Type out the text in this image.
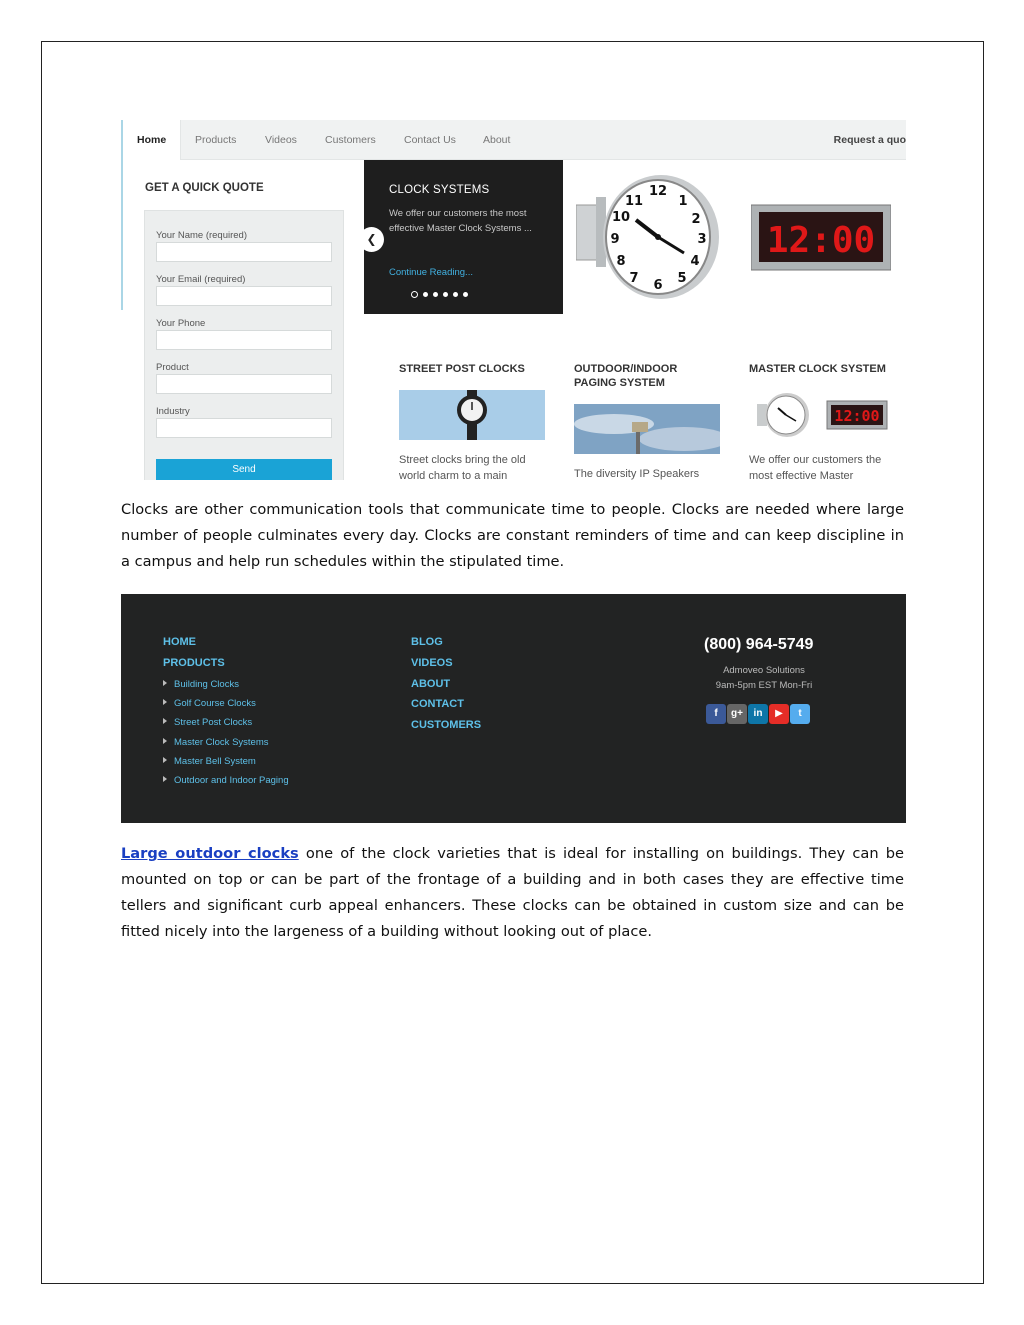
Home	Products	Videos	Customers	Contact Us	About	Request a quo
GET A QUICK QUOTE
Your Name (required)
Your Email (required)
Your Phone
Product
Industry
Send
❮
CLOCK SYSTEMS
We offer our customers the most effective Master Clock Systems ...
Continue Reading...
12
1
2
3
4
5
6
7
8
9
10
11
12:00
STREET POST CLOCKS
Street clocks bring the old world charm to a main
OUTDOOR/INDOOR PAGING SYSTEM
The diversity IP Speakers
MASTER CLOCK SYSTEM
12:00
We offer our customers the most effective Master

Clocks are other communication tools that communicate time to people. Clocks are needed where large number of people culminates every day. Clocks are constant reminders of time and can keep discipline in a campus and help run schedules within the stipulated time.

HOME
PRODUCTS
Building Clocks
Golf Course Clocks
Street Post Clocks
Master Clock Systems
Master Bell System
Outdoor and Indoor Paging
BLOG
VIDEOS
ABOUT
CONTACT
CUSTOMERS
(800) 964-5749
Admoveo Solutions
9am-5pm EST Mon-Fri
f	g+	in	▶	t

Large outdoor clocks one of the clock varieties that is ideal for installing on buildings. They can be mounted on top or can be part of the frontage of a building and in both cases they are effective time tellers and significant curb appeal enhancers. These clocks can be obtained in custom size and can be fitted nicely into the largeness of a building without looking out of place.
